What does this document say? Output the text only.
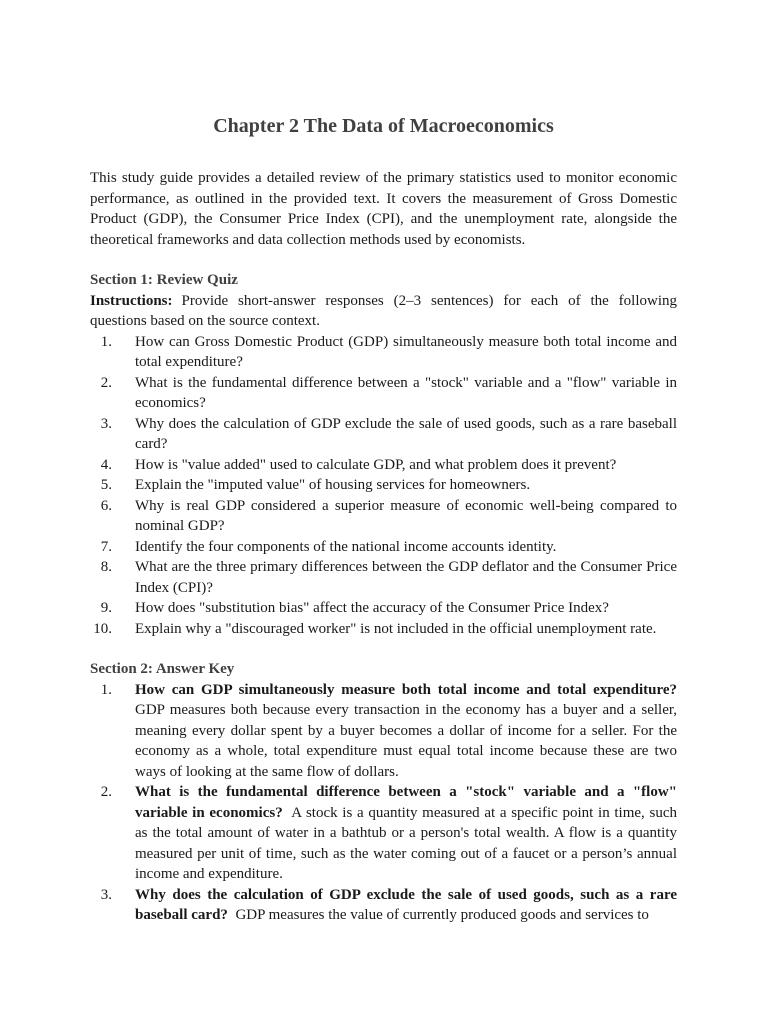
Chapter 2 The Data of Macroeconomics

This study guide provides a detailed review of the primary statistics used to monitor economic performance, as outlined in the provided text. It covers the measurement of Gross Domestic Product (GDP), the Consumer Price Index (CPI), and the unemployment rate, alongside the theoretical frameworks and data collection methods used by economists.

Section 1: Review Quiz

Instructions: Provide short-answer responses (2–3 sentences) for each of the following questions based on the source context.

1. How can Gross Domestic Product (GDP) simultaneously measure both total income and total expenditure?
2. What is the fundamental difference between a "stock" variable and a "flow" variable in economics?
3. Why does the calculation of GDP exclude the sale of used goods, such as a rare baseball card?
4. How is "value added" used to calculate GDP, and what problem does it prevent?
5. Explain the "imputed value" of housing services for homeowners.
6. Why is real GDP considered a superior measure of economic well-being compared to nominal GDP?
7. Identify the four components of the national income accounts identity.
8. What are the three primary differences between the GDP deflator and the Consumer Price Index (CPI)?
9. How does "substitution bias" affect the accuracy of the Consumer Price Index?
10. Explain why a "discouraged worker" is not included in the official unemployment rate.
Section 2: Answer Key
1. How can GDP simultaneously measure both total income and total expenditure? GDP measures both because every transaction in the economy has a buyer and a seller, meaning every dollar spent by a buyer becomes a dollar of income for a seller. For the economy as a whole, total expenditure must equal total income because these are two ways of looking at the same flow of dollars.
2. What is the fundamental difference between a "stock" variable and a "flow" variable in economics? A stock is a quantity measured at a specific point in time, such as the total amount of water in a bathtub or a person's total wealth. A flow is a quantity measured per unit of time, such as the water coming out of a faucet or a person’s annual income and expenditure.
3. Why does the calculation of GDP exclude the sale of used goods, such as a rare baseball card? GDP measures the value of currently produced goods and services to
